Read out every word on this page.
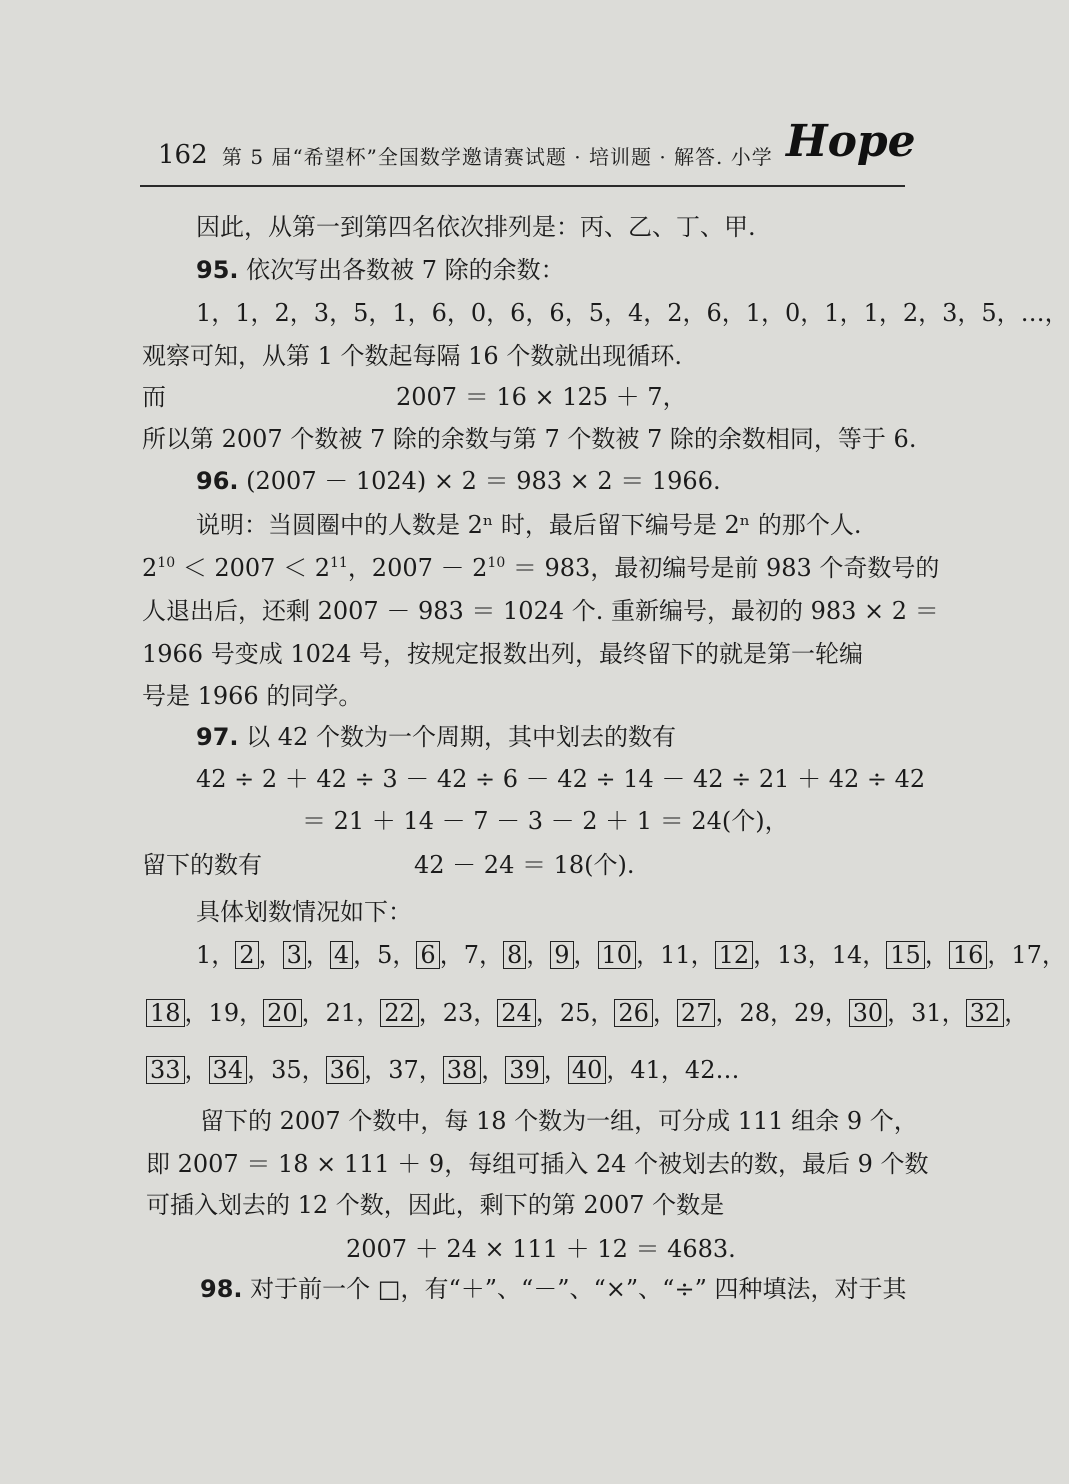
162 第 5 届“希望杯”全国数学邀请赛试题 · 培训题 · 解答. 小学 Hope
因此，从第一到第四名依次排列是：丙、乙、丁、甲.
95. 依次写出各数被 7 除的余数：
1，1，2，3，5，1，6，0，6，6，5，4，2，6，1，0，1，1，2，3，5，…，
观察可知，从第 1 个数起每隔 16 个数就出现循环.
而	2007 ＝ 16 × 125 ＋ 7，
所以第 2007 个数被 7 除的余数与第 7 个数被 7 除的余数相同，等于 6.
96. (2007 － 1024) × 2 ＝ 983 × 2 ＝ 1966.
说明：当圆圈中的人数是 2ⁿ 时，最后留下编号是 2ⁿ 的那个人.
$2^{10} < 2007 < 2^{11}$，$2007 - 2^{10} = 983$，最初编号是前 983 个奇数号的
人退出后，还剩 2007 － 983 ＝ 1024 个. 重新编号，最初的 983 × 2 ＝
1966 号变成 1024 号，按规定报数出列，最终留下的就是第一轮编
号是 1966 的同学。
97. 以 42 个数为一个周期，其中划去的数有
42 ÷ 2 ＋ 42 ÷ 3 － 42 ÷ 6 － 42 ÷ 14 － 42 ÷ 21 ＋ 42 ÷ 42
＝ 21 ＋ 14 － 7 － 3 － 2 ＋ 1 ＝ 24(个)，
留下的数有	42 － 24 ＝ 18(个).
具体划数情况如下：
1， 2 ， 3 ， 4 ，5， 6 ，7， 8 ， 9 ， 10 ，11， 12 ，13，14， 15 ， 16 ，17，
18 ，19， 20 ，21， 22 ，23， 24 ，25， 26 ， 27 ，28，29， 30 ，31， 32 ，
33 ， 34 ，35， 36 ，37， 38 ， 39 ， 40 ，41，42…
留下的 2007 个数中，每 18 个数为一组，可分成 111 组余 9 个，
即 2007 ＝ 18 × 111 ＋ 9，每组可插入 24 个被划去的数，最后 9 个数
可插入划去的 12 个数，因此，剩下的第 2007 个数是
2007 ＋ 24 × 111 ＋ 12 ＝ 4683.
98. 对于前一个 □，有“＋”、“－”、“×”、“÷” 四种填法，对于其
